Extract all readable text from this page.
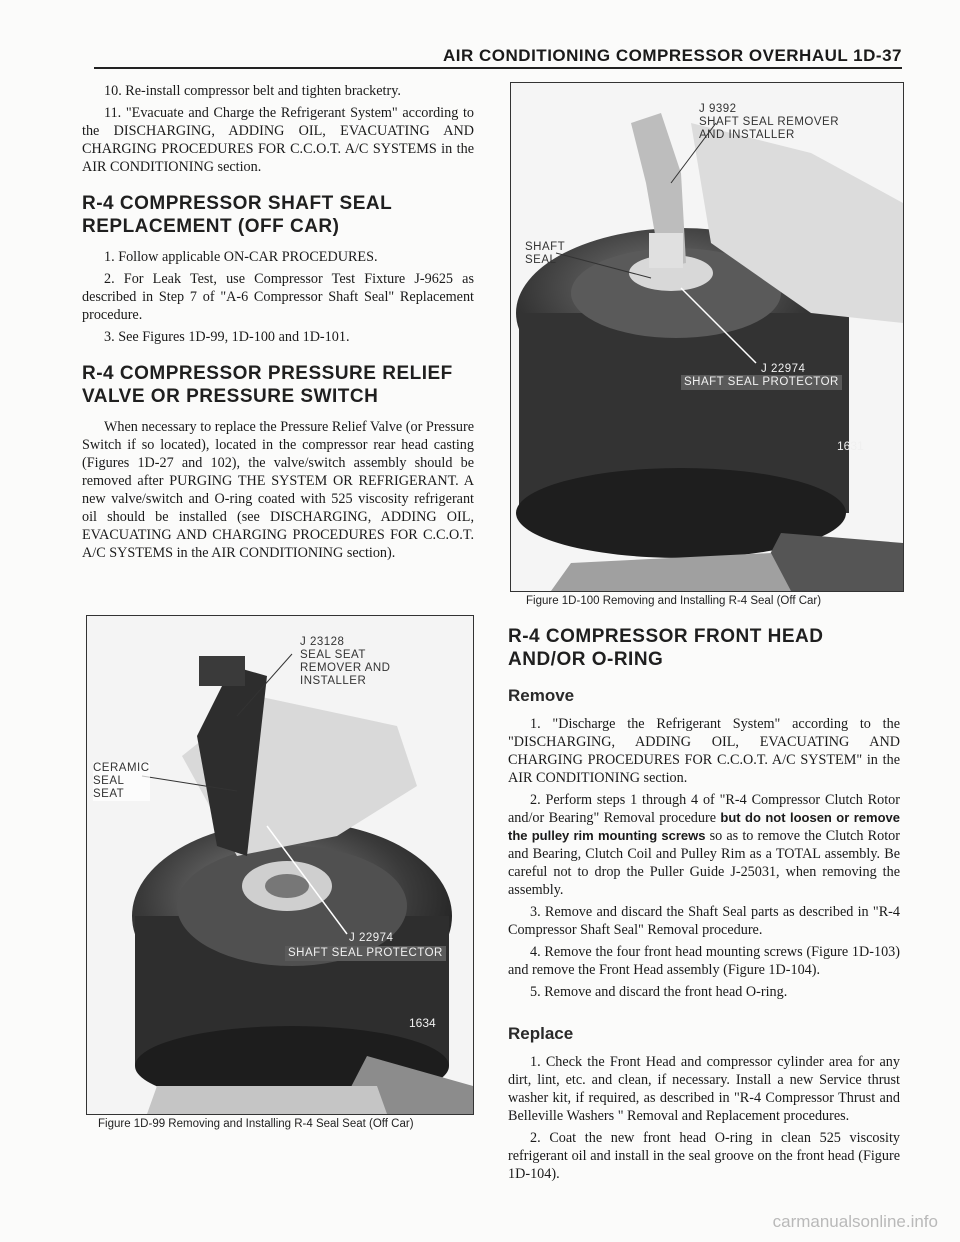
AIR CONDITIONING COMPRESSOR OVERHAUL 1D-37

10. Re-install compressor belt and tighten bracketry.

11. "Evacuate and Charge the Refrigerant System" according to the DISCHARGING, ADDING OIL, EVACUATING AND CHARGING PROCEDURES FOR C.C.O.T. A/C SYSTEMS in the AIR CONDITIONING section.

R-4 COMPRESSOR SHAFT SEAL REPLACEMENT (OFF CAR)

1. Follow applicable ON-CAR PROCEDURES.

2. For Leak Test, use Compressor Test Fixture J-9625 as described in Step 7 of "A-6 Compressor Shaft Seal" Replacement procedure.

3. See Figures 1D-99, 1D-100 and 1D-101.

R-4 COMPRESSOR PRESSURE RELIEF VALVE OR PRESSURE SWITCH

When necessary to replace the Pressure Relief Valve (or Pressure Switch if so located), located in the compressor rear head casting (Figures 1D-27 and 102), the valve/switch assembly should be removed after PURGING THE SYSTEM OR REFRIGERANT. A new valve/switch and O-ring coated with 525 viscosity refrigerant oil should be installed (see DISCHARGING, ADDING OIL, EVACUATING AND CHARGING PROCEDURES FOR C.C.O.T. A/C SYSTEMS in the AIR CONDITIONING section).

J 23128
SEAL SEAT
REMOVER AND
INSTALLER
CERAMIC
SEAL
SEAT
J 22974
SHAFT SEAL PROTECTOR
1634
Figure 1D-99 Removing and Installing R-4 Seal Seat (Off Car)
J 9392
SHAFT SEAL REMOVER
AND INSTALLER
SHAFT
SEAL
J 22974
SHAFT SEAL PROTECTOR
1631
Figure 1D-100 Removing and Installing R-4 Seal (Off Car)
R-4 COMPRESSOR FRONT HEAD AND/OR O-RING
Remove

1. "Discharge the Refrigerant System" according to the "DISCHARGING, ADDING OIL, EVACUATING AND CHARGING PROCEDURES FOR C.C.O.T. A/C SYSTEM" in the AIR CONDITIONING section.

2. Perform steps 1 through 4 of "R-4 Compressor Clutch Rotor and/or Bearing" Removal procedure but do not loosen or remove the pulley rim mounting screws so as to remove the Clutch Rotor and Bearing, Clutch Coil and Pulley Rim as a TOTAL assembly. Be careful not to drop the Puller Guide J-25031, when removing the assembly.

3. Remove and discard the Shaft Seal parts as described in "R-4 Compressor Shaft Seal" Removal procedure.

4. Remove the four front head mounting screws (Figure 1D-103) and remove the Front Head assembly (Figure 1D-104).

5. Remove and discard the front head O-ring.

Replace

1. Check the Front Head and compressor cylinder area for any dirt, lint, etc. and clean, if necessary. Install a new Service thrust washer kit, if required, as described in "R-4 Compressor Thrust and Belleville Washers " Removal and Replacement procedures.

2. Coat the new front head O-ring in clean 525 viscosity refrigerant oil and install in the seal groove on the front head (Figure 1D-104).

carmanualsonline.info
